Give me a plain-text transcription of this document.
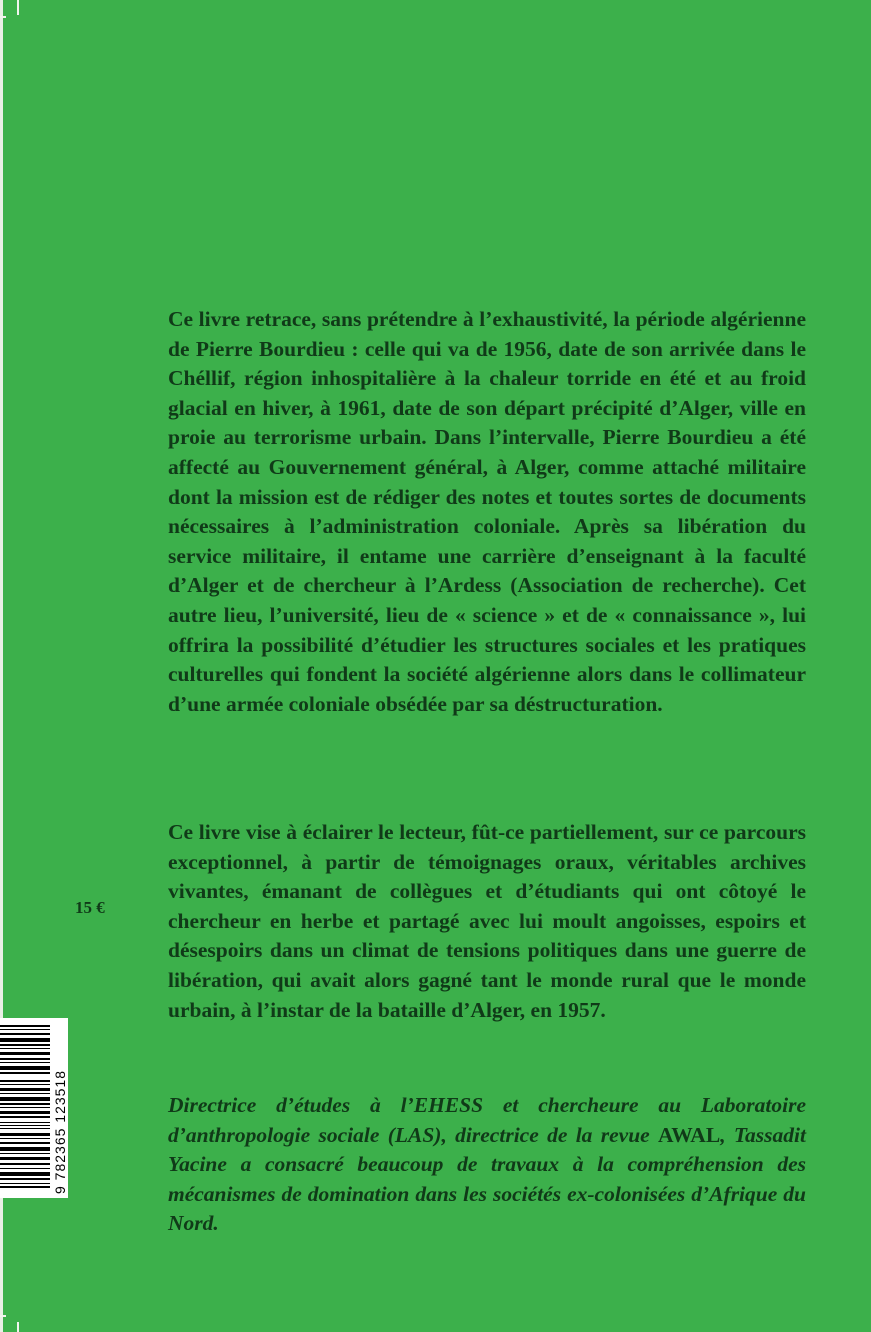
Ce livre retrace, sans prétendre à l’exhaustivité, la période algérienne de Pierre Bourdieu : celle qui va de 1956, date de son arrivée dans le Chéllif, région inhospitalière à la chaleur torride en été et au froid glacial en hiver, à 1961, date de son départ précipité d’Alger, ville en proie au terrorisme urbain. Dans l’intervalle, Pierre Bourdieu a été affecté au Gouvernement général, à Alger, comme attaché militaire dont la mission est de rédiger des notes et toutes sortes de documents nécessaires à l’administration coloniale. Après sa libération du service militaire, il entame une carrière d’enseignant à la faculté d’Alger et de chercheur à l’Ardess (Association de recherche). Cet autre lieu, l’université, lieu de « science » et de « connaissance », lui offrira la possibilité d’étudier les structures sociales et les pratiques culturelles qui fondent la société algérienne alors dans le collimateur d’une armée coloniale obsédée par sa déstructuration.

Ce livre vise à éclairer le lecteur, fût-ce partiellement, sur ce parcours exceptionnel, à partir de témoignages oraux, véritables archives vivantes, émanant de collègues et d’étudiants qui ont côtoyé le chercheur en herbe et partagé avec lui moult angoisses, espoirs et désespoirs dans un climat de tensions politiques dans une guerre de libération, qui avait alors gagné tant le monde rural que le monde urbain, à l’instar de la bataille d’Alger, en 1957.

Directrice d’études à l’EHESS et chercheure au Laboratoire d’anthropologie sociale (LAS), directrice de la revue AWAL, Tassadit Yacine a consacré beaucoup de travaux à la compréhension des mécanismes de domination dans les sociétés ex-colonisées d’Afrique du Nord.

15 €
9 782365 123518
